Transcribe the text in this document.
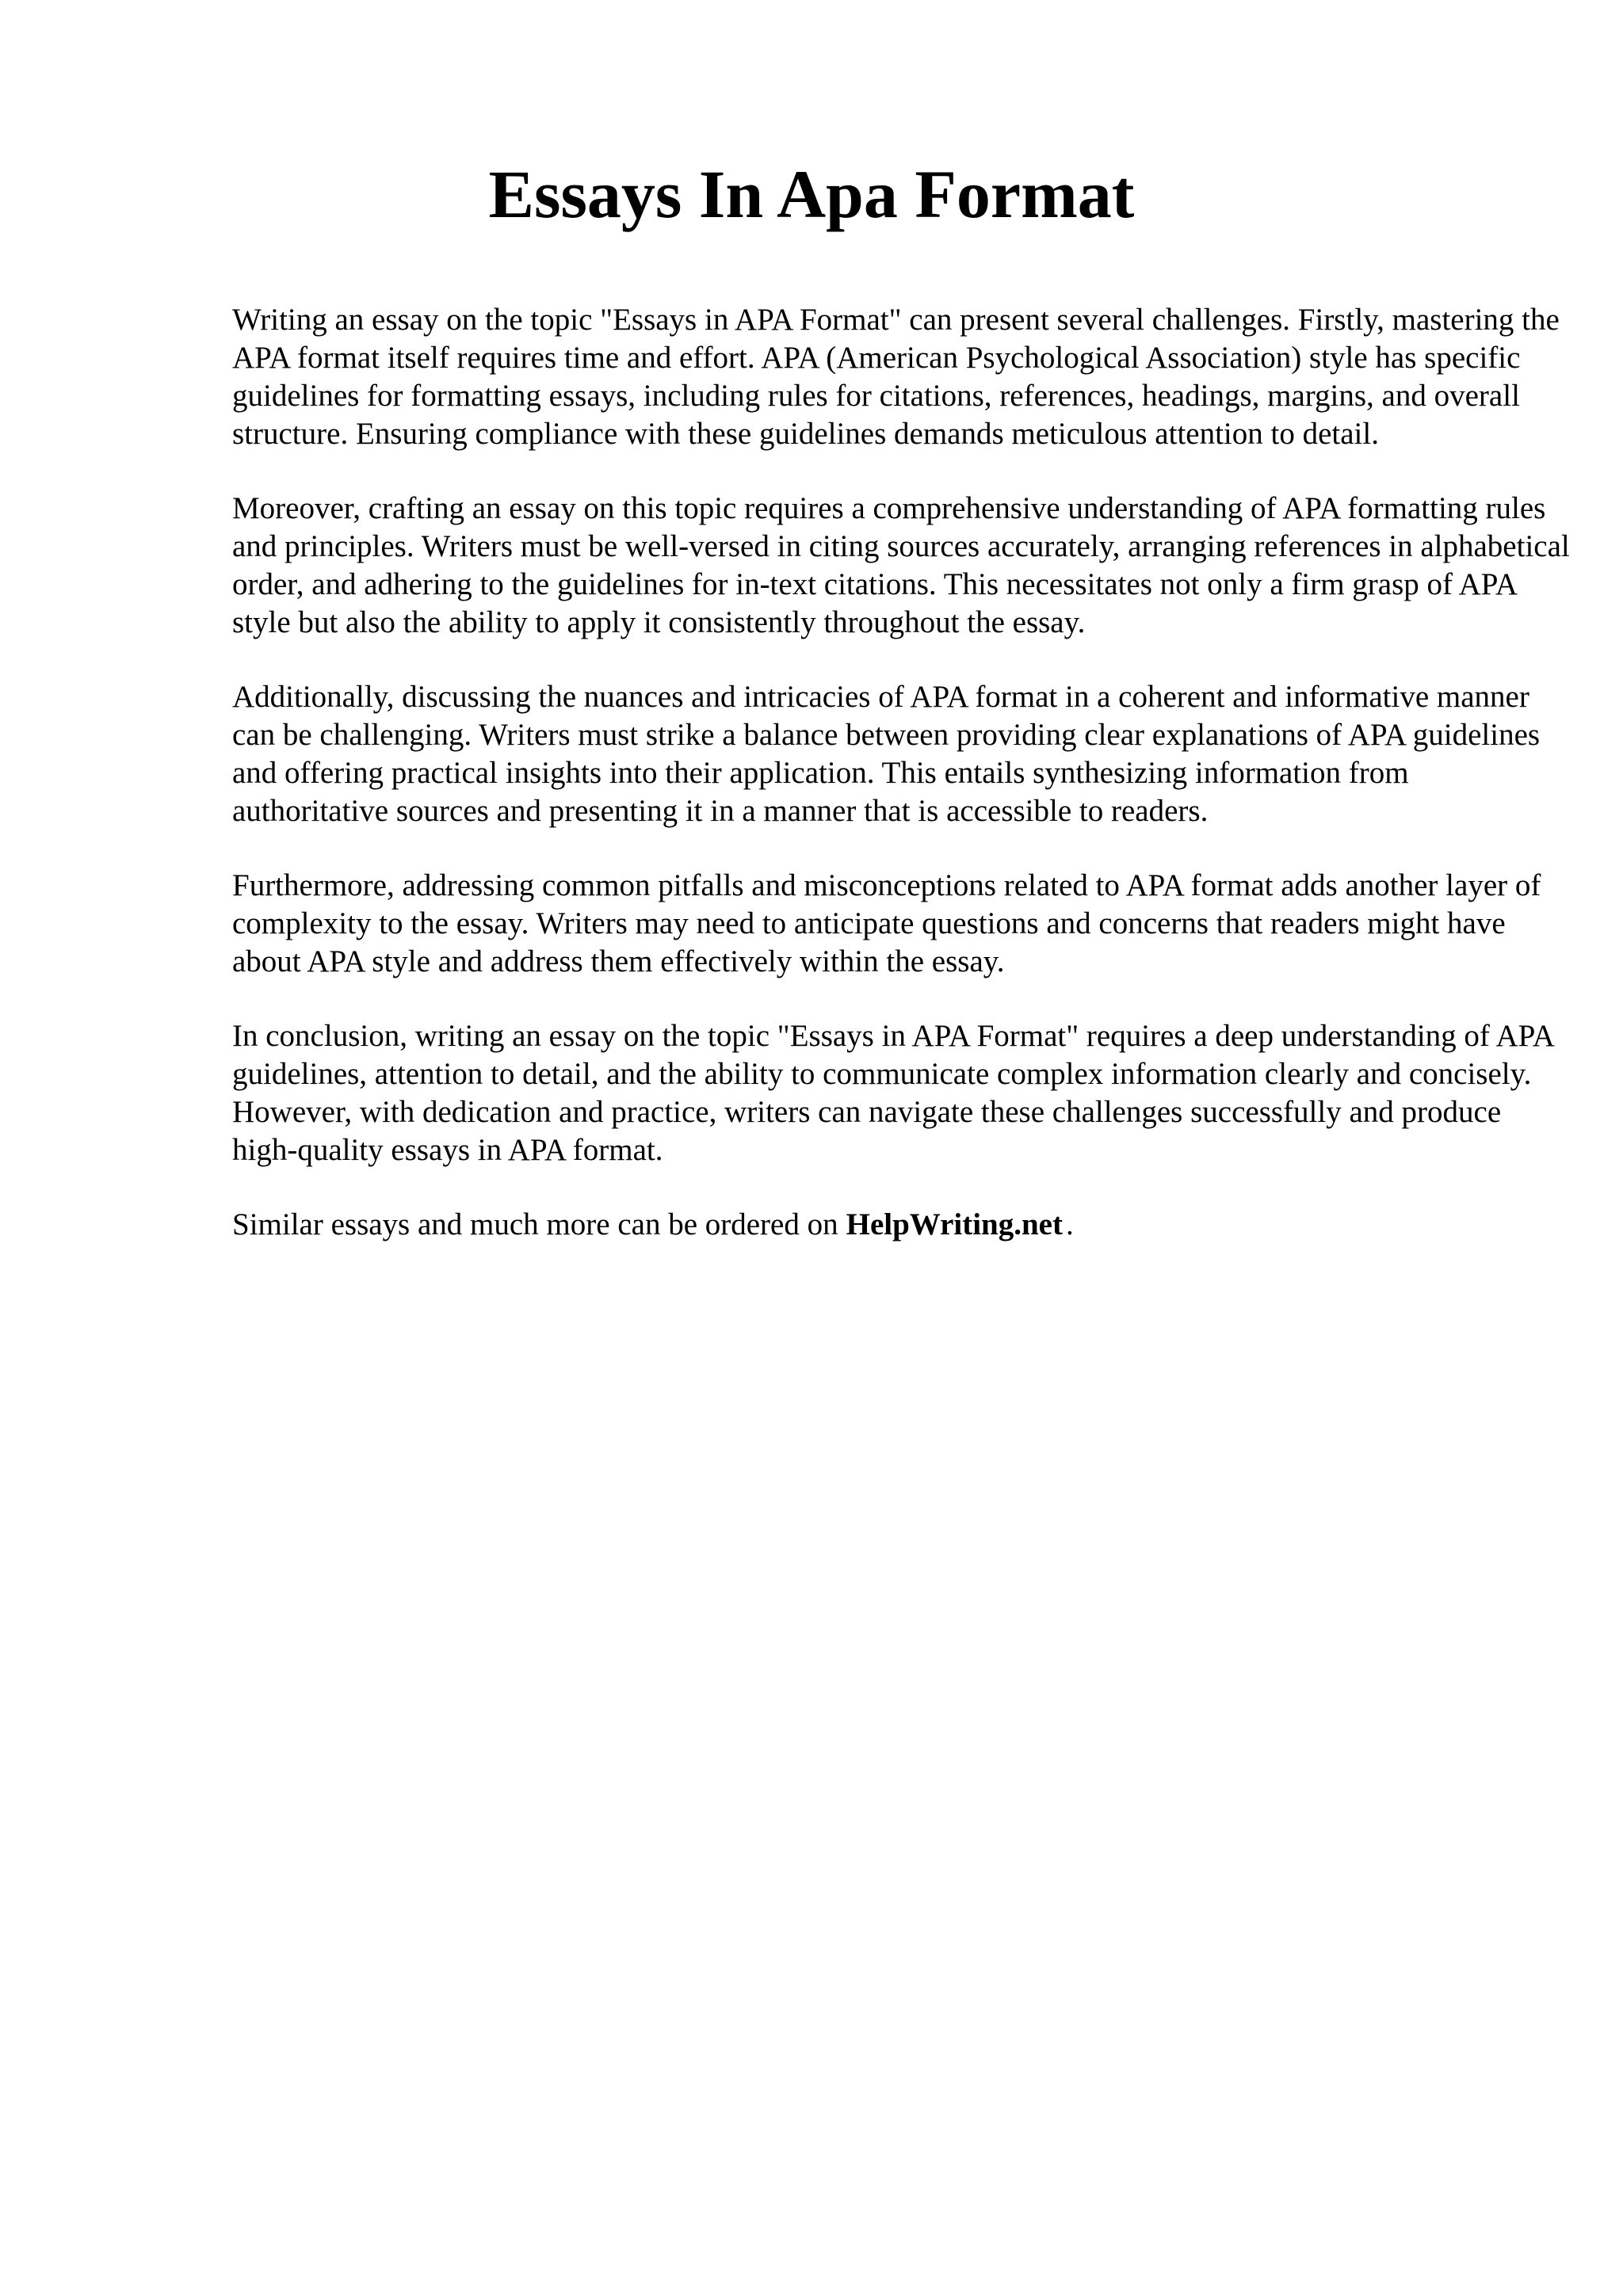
Essays In Apa Format

Writing an essay on the topic "Essays in APA Format" can present several challenges. Firstly, mastering the APA format itself requires time and effort. APA (American Psychological Association) style has specific guidelines for formatting essays, including rules for citations, references, headings, margins, and overall structure. Ensuring compliance with these guidelines demands meticulous attention to detail.

Moreover, crafting an essay on this topic requires a comprehensive understanding of APA formatting rules and principles. Writers must be well-versed in citing sources accurately, arranging references in alphabetical order, and adhering to the guidelines for in-text citations. This necessitates not only a firm grasp of APA style but also the ability to apply it consistently throughout the essay.

Additionally, discussing the nuances and intricacies of APA format in a coherent and informative manner can be challenging. Writers must strike a balance between providing clear explanations of APA guidelines and offering practical insights into their application. This entails synthesizing information from authoritative sources and presenting it in a manner that is accessible to readers.

Furthermore, addressing common pitfalls and misconceptions related to APA format adds another layer of complexity to the essay. Writers may need to anticipate questions and concerns that readers might have about APA style and address them effectively within the essay.

In conclusion, writing an essay on the topic "Essays in APA Format" requires a deep understanding of APA guidelines, attention to detail, and the ability to communicate complex information clearly and concisely. However, with dedication and practice, writers can navigate these challenges successfully and produce high-quality essays in APA format.

Similar essays and much more can be ordered on HelpWriting.net .
